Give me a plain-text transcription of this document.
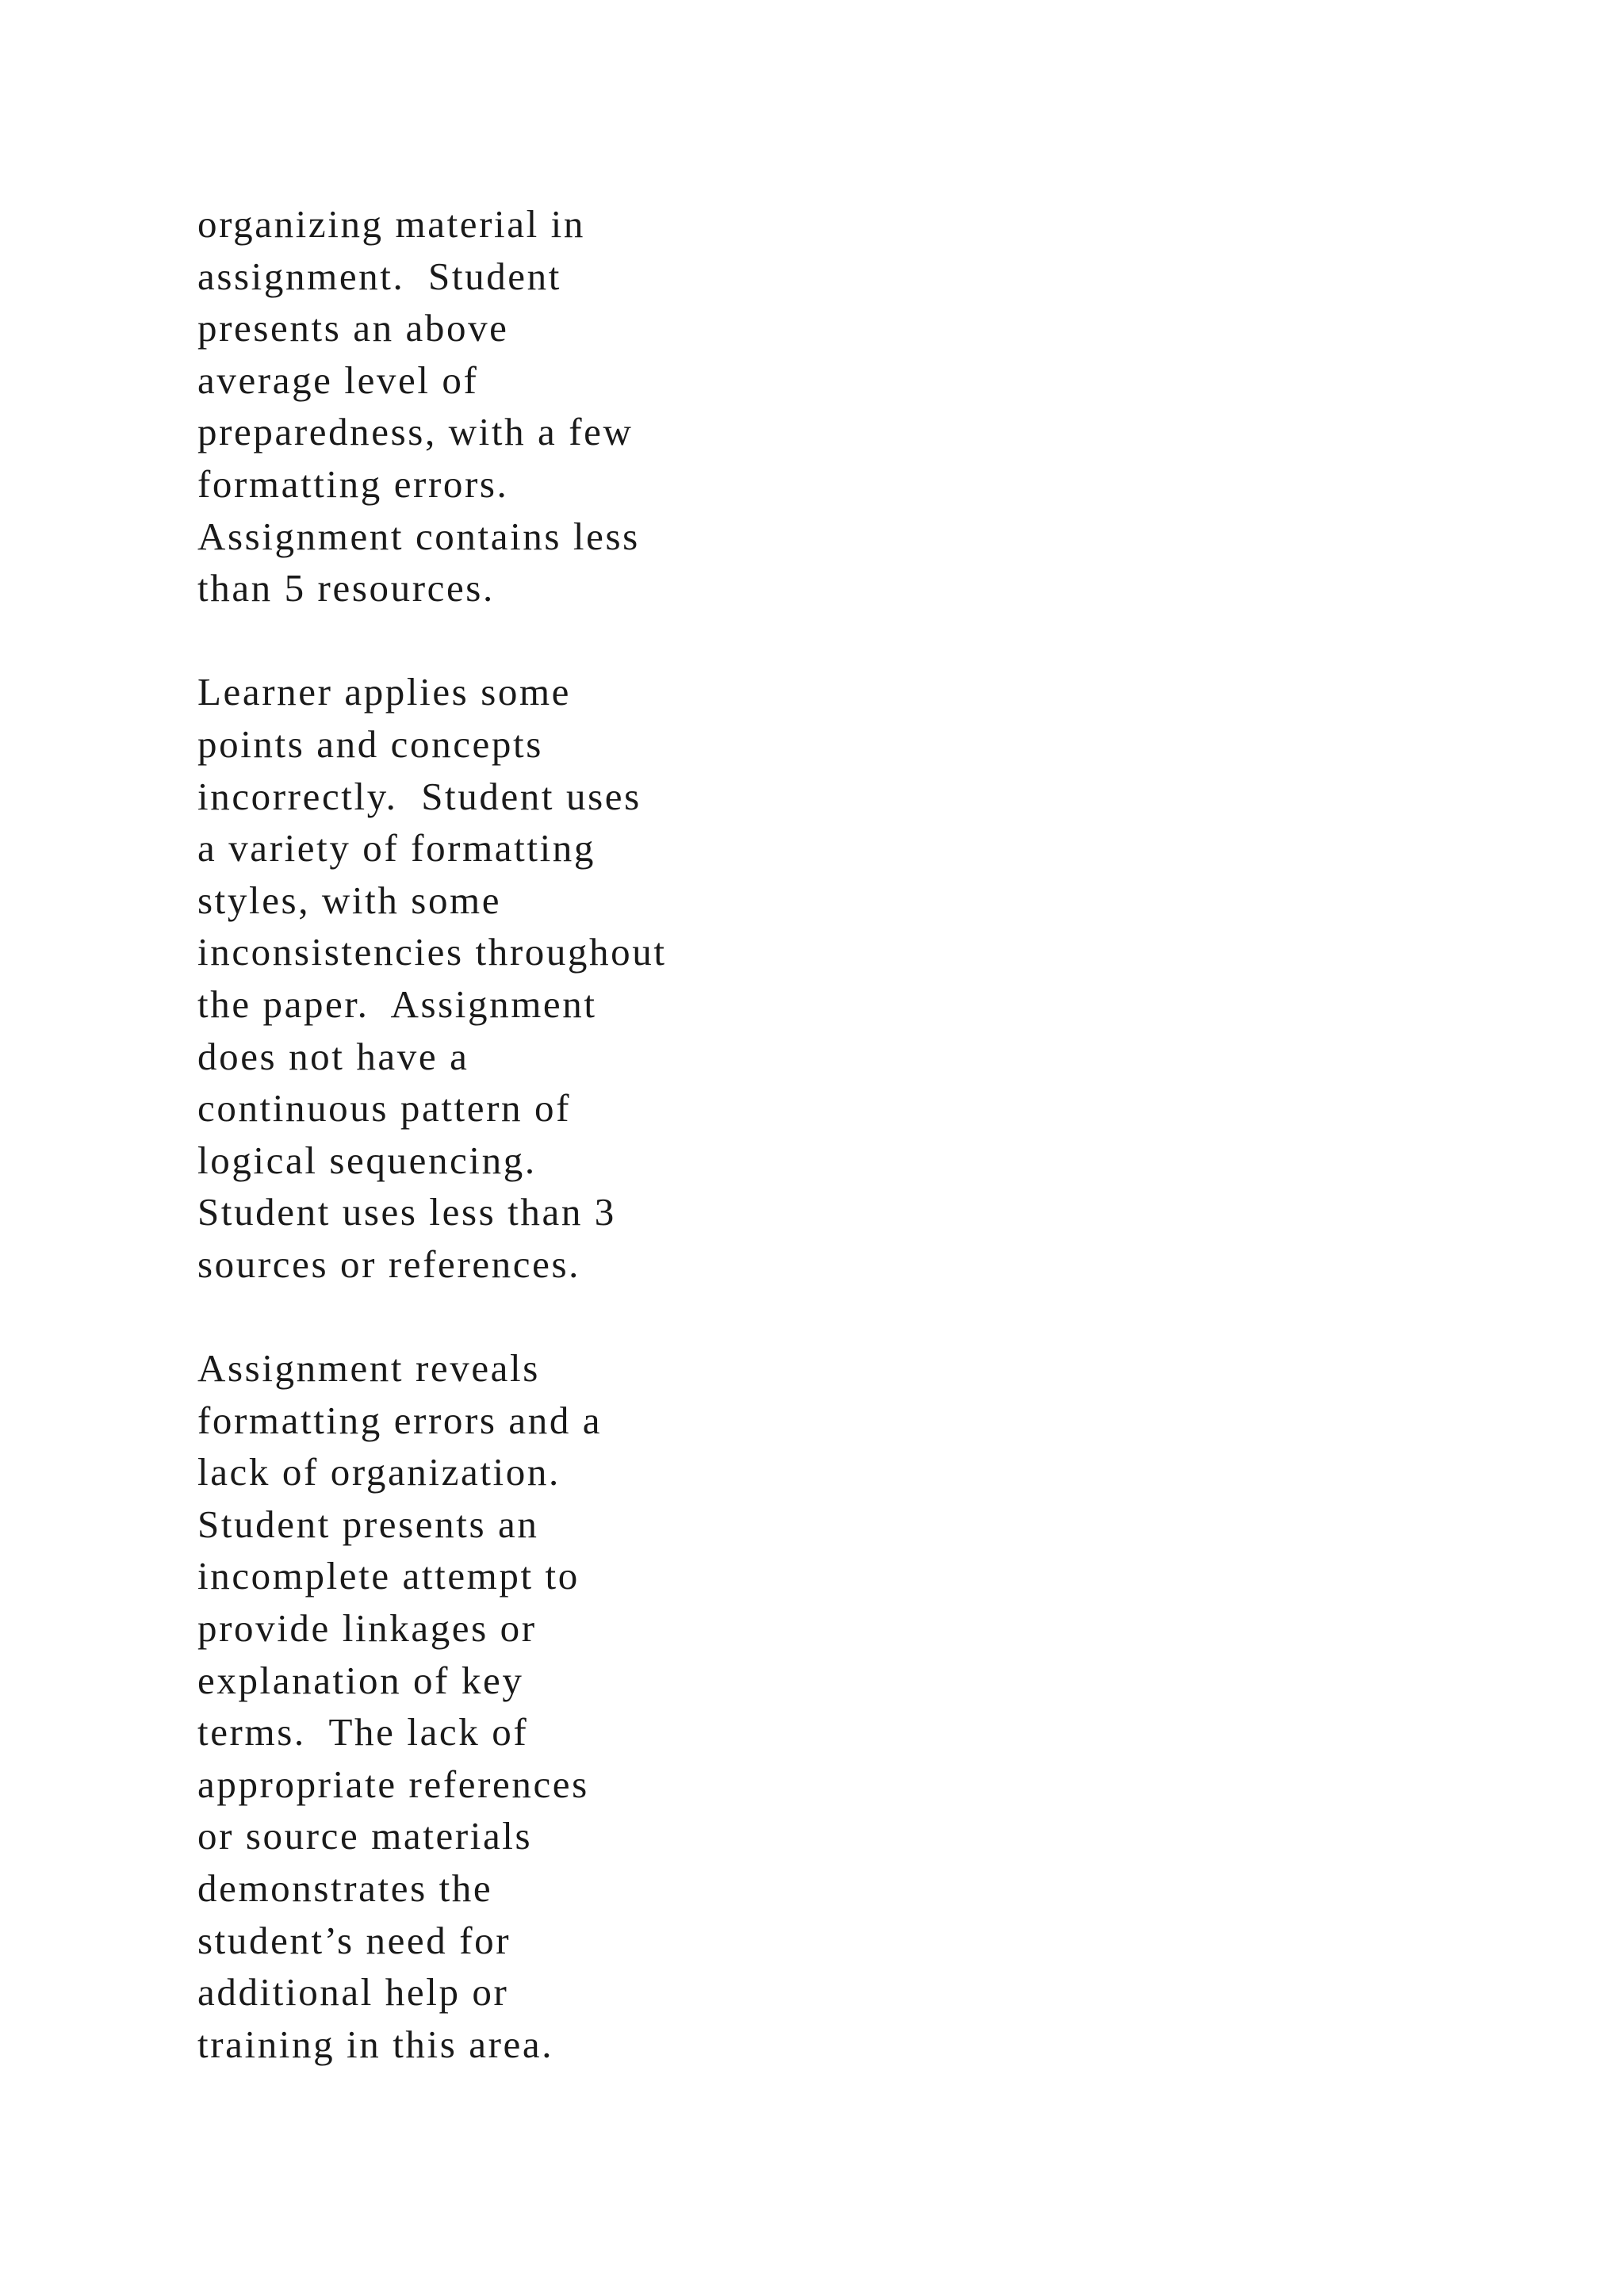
organizing material in
assignment.  Student
presents an above
average level of
preparedness, with a few
formatting errors.
Assignment contains less
than 5 resources.
Learner applies some
points and concepts
incorrectly.  Student uses
a variety of formatting
styles, with some
inconsistencies throughout
the paper.  Assignment
does not have a
continuous pattern of
logical sequencing.
Student uses less than 3
sources or references.
Assignment reveals
formatting errors and a
lack of organization.
Student presents an
incomplete attempt to
provide linkages or
explanation of key
terms.  The lack of
appropriate references
or source materials
demonstrates the
student’s need for
additional help or
training in this area.
